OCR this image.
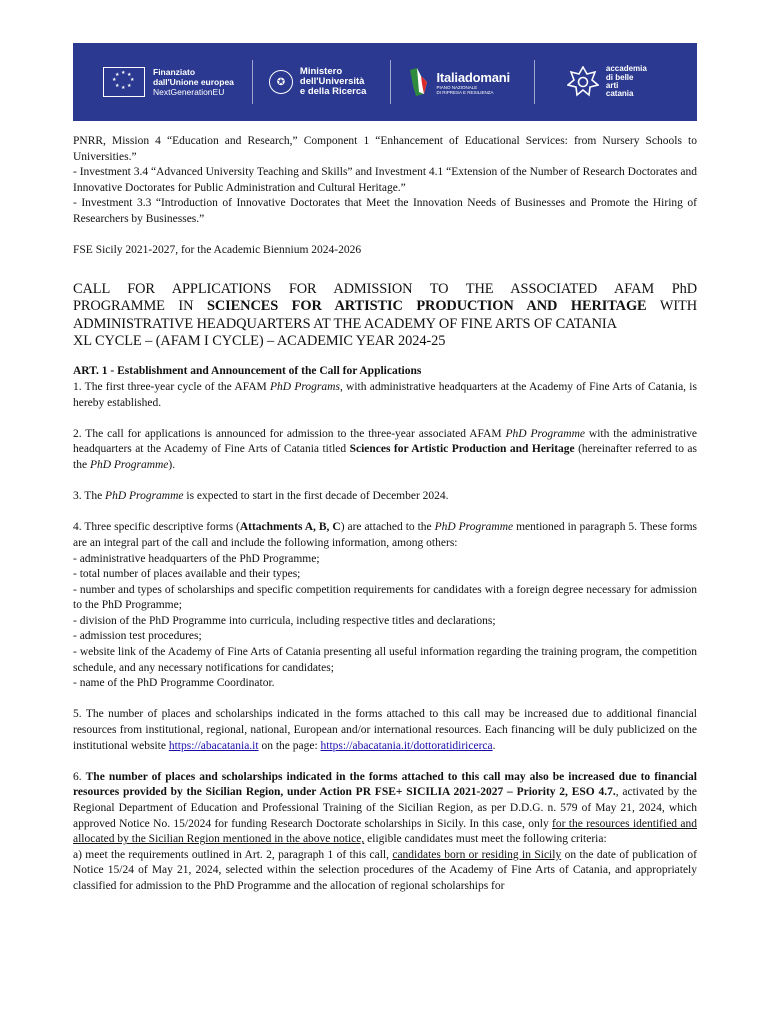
★ ★
★
★
★
★
★
★	Finanziato
dall'Unione europea
NextGenerationEU
✪
Ministero
dell'Università
e della Ricerca
Italiadomani
PIANO NAZIONALE
DI RIPRESA E RESILIENZA
accademia
di belle
arti
catania

PNRR, Mission 4 “Education and Research,” Component 1 “Enhancement of Educational Services: from Nursery Schools to Universities.”

- Investment 3.4 “Advanced University Teaching and Skills” and Investment 4.1 “Extension of the Number of Research Doctorates and Innovative Doctorates for Public Administration and Cultural Heritage.”

- Investment 3.3 “Introduction of Innovative Doctorates that Meet the Innovation Needs of Businesses and Promote the Hiring of Researchers by Businesses.”

FSE Sicily 2021-2027, for the Academic Biennium 2024-2026

CALL FOR APPLICATIONS FOR ADMISSION TO THE ASSOCIATED AFAM PhD

PROGRAMME IN SCIENCES FOR ARTISTIC PRODUCTION AND HERITAGE WITH

ADMINISTRATIVE HEADQUARTERS AT THE ACADEMY OF FINE ARTS OF CATANIA

XL CYCLE – (AFAM I CYCLE) – ACADEMIC YEAR 2024-25

ART. 1 - Establishment and Announcement of the Call for Applications

1. The first three-year cycle of the AFAM PhD Programs, with administrative headquarters at the Academy of Fine Arts of Catania, is hereby established.

2. The call for applications is announced for admission to the three-year associated AFAM PhD Programme with the administrative headquarters at the Academy of Fine Arts of Catania titled Sciences for Artistic Production and Heritage (hereinafter referred to as the PhD Programme).

3. The PhD Programme is expected to start in the first decade of December 2024.

4. Three specific descriptive forms (Attachments A, B, C) are attached to the PhD Programme mentioned in paragraph 5. These forms are an integral part of the call and include the following information, among others:

- administrative headquarters of the PhD Programme;

- total number of places available and their types;

- number and types of scholarships and specific competition requirements for candidates with a foreign degree necessary for admission to the PhD Programme;

- division of the PhD Programme into curricula, including respective titles and declarations;

- admission test procedures;

- website link of the Academy of Fine Arts of Catania presenting all useful information regarding the training program, the competition schedule, and any necessary notifications for candidates;

- name of the PhD Programme Coordinator.

5. The number of places and scholarships indicated in the forms attached to this call may be increased due to additional financial resources from institutional, regional, national, European and/or international resources. Each financing will be duly publicized on the institutional website https://abacatania.it on the page: https://abacatania.it/dottoratidiricerca.

6. The number of places and scholarships indicated in the forms attached to this call may also be increased due to financial resources provided by the Sicilian Region, under Action PR FSE+ SICILIA 2021-2027 – Priority 2, ESO 4.7., activated by the Regional Department of Education and Professional Training of the Sicilian Region, as per D.D.G. n. 579 of May 21, 2024, which approved Notice No. 15/2024 for funding Research Doctorate scholarships in Sicily. In this case, only for the resources identified and allocated by the Sicilian Region mentioned in the above notice, eligible candidates must meet the following criteria:

a) meet the requirements outlined in Art. 2, paragraph 1 of this call, candidates born or residing in Sicily on the date of publication of Notice 15/24 of May 21, 2024, selected within the selection procedures of the Academy of Fine Arts of Catania, and appropriately classified for admission to the PhD Programme and the allocation of regional scholarships for
